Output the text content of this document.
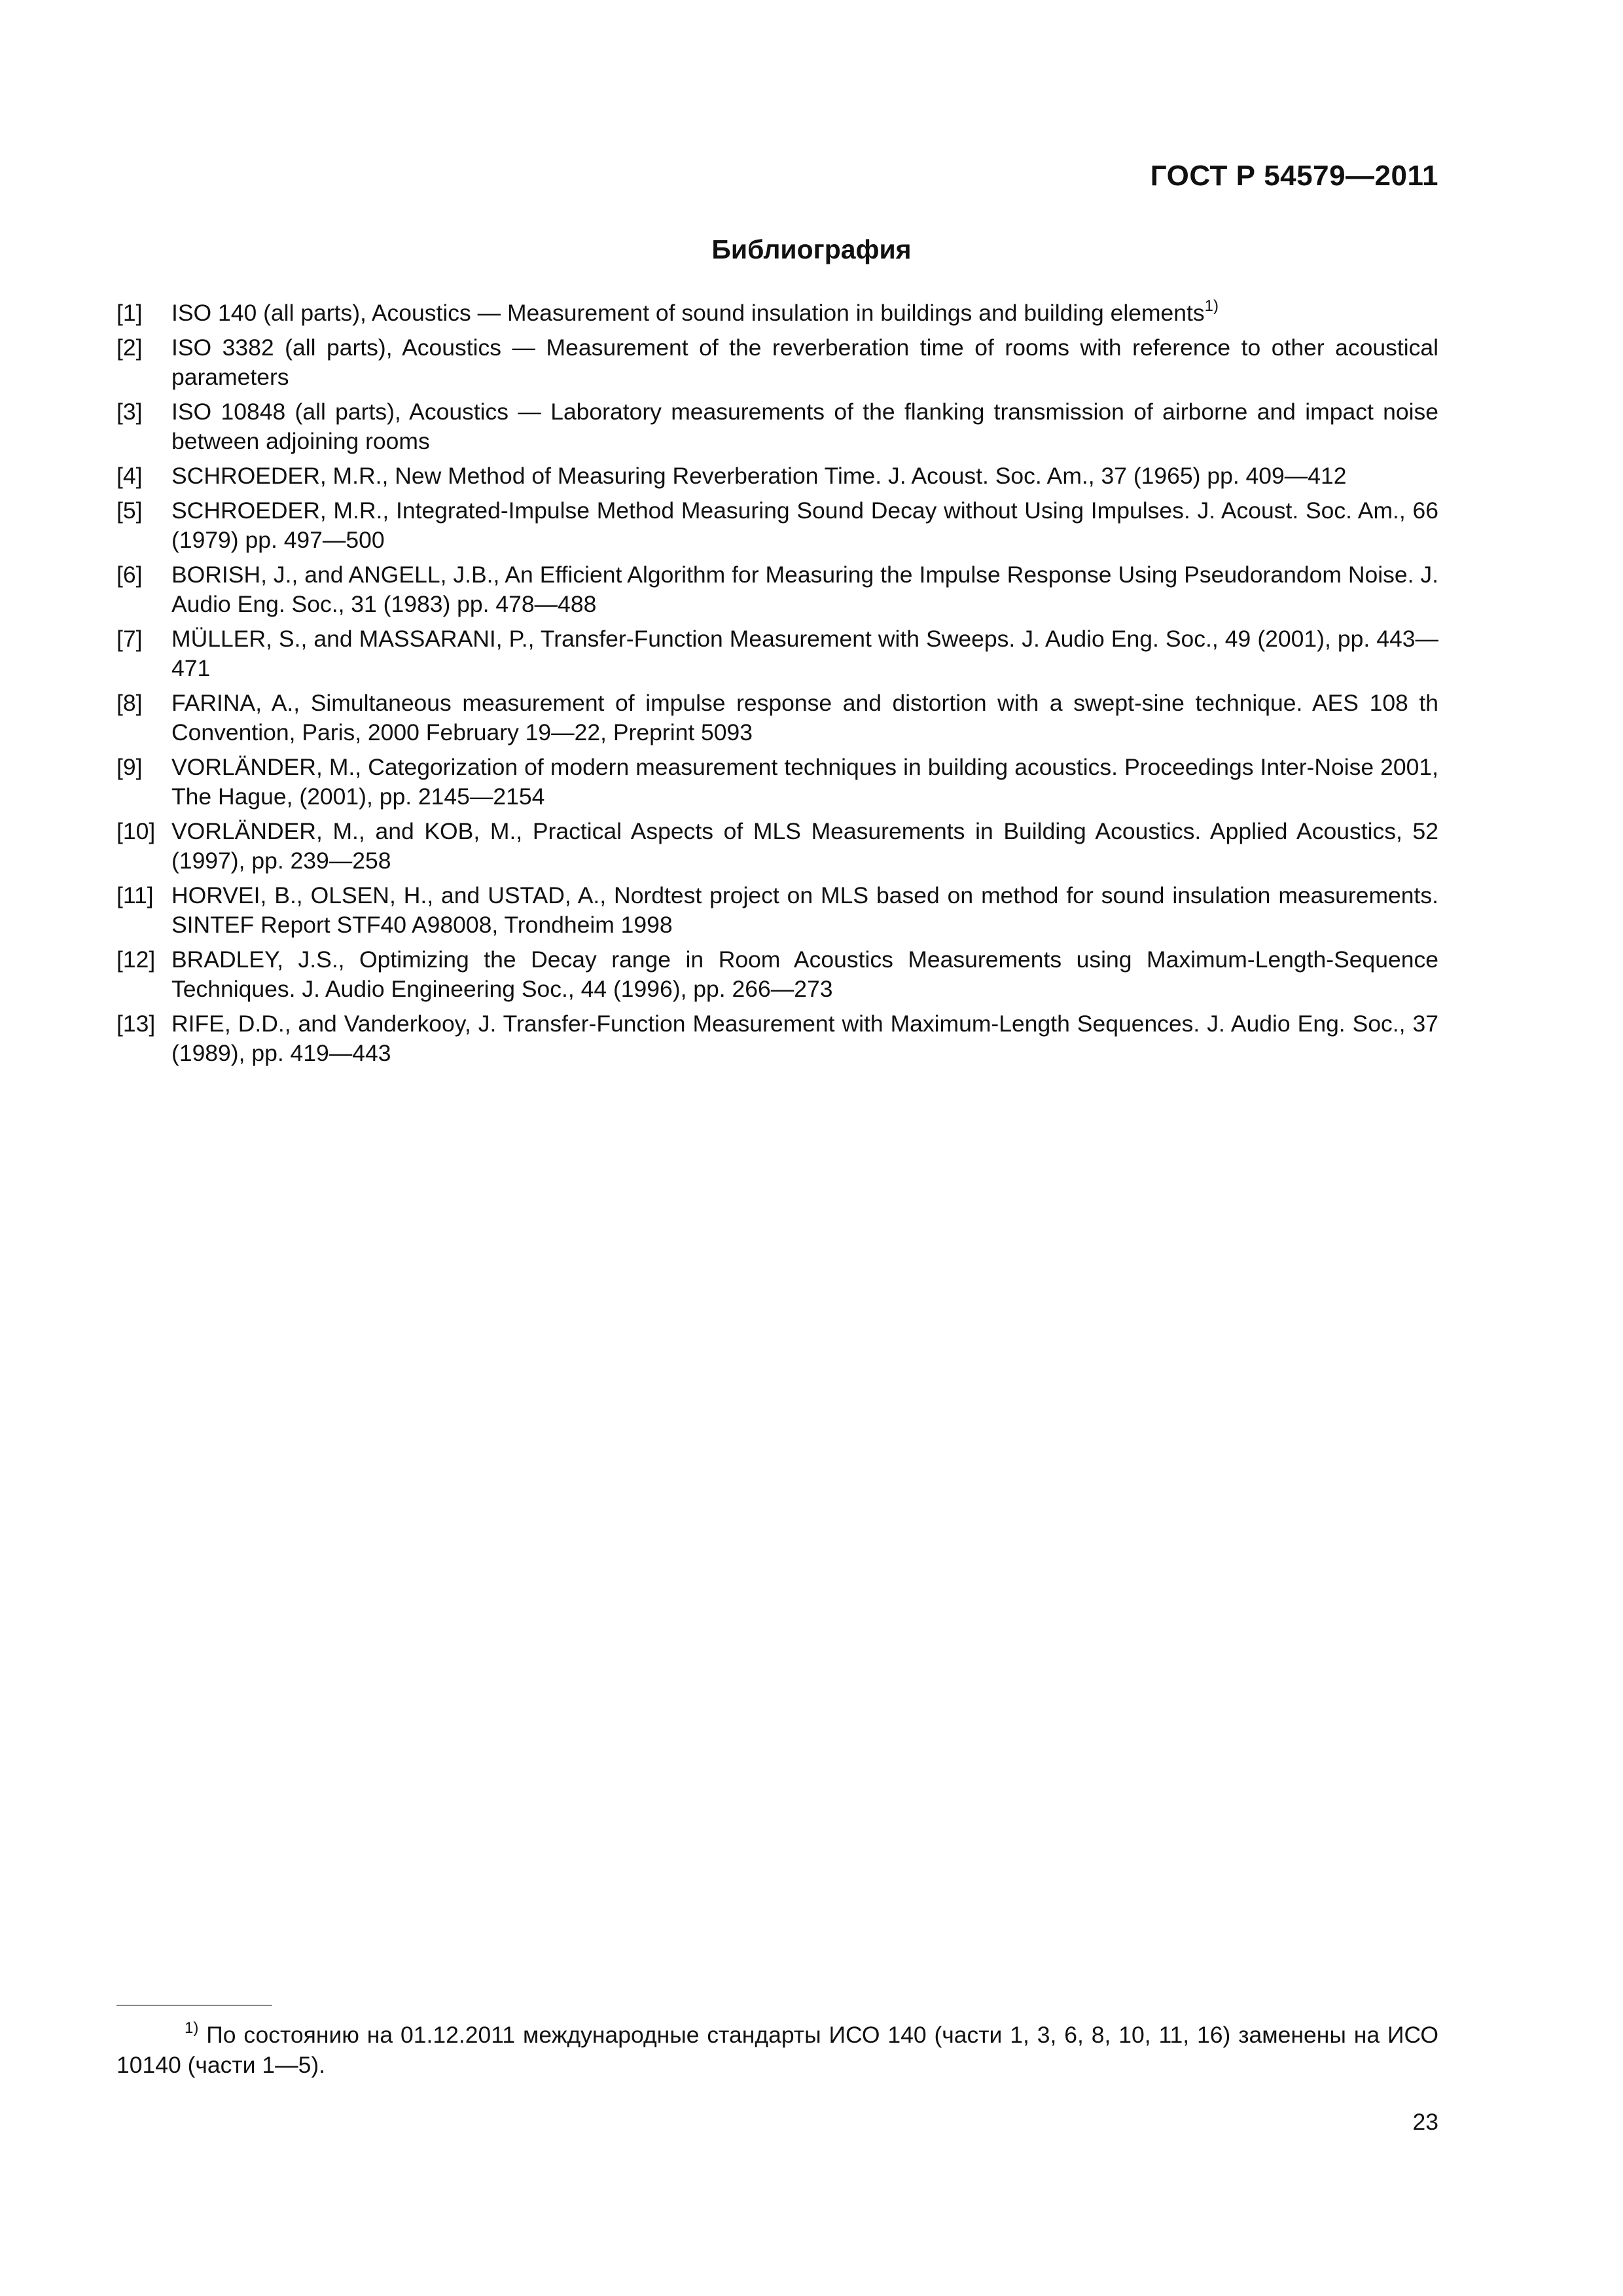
ГОСТ Р 54579—2011
Библиография
[1]	ISO 140 (all parts), Acoustics — Measurement of sound insulation in buildings and building elements$^{1)}$
[2]	ISO 3382 (all parts), Acoustics — Measurement of the reverberation time of rooms with reference to other acoustical parameters
[3]	ISO 10848 (all parts), Acoustics — Laboratory measurements of the flanking transmission of airborne and impact noise between adjoining rooms
[4]	SCHROEDER, M.R., New Method of Measuring Reverberation Time. J. Acoust. Soc. Am., 37 (1965) pp. 409—412
[5]	SCHROEDER, M.R., Integrated-Impulse Method Measuring Sound Decay without Using Impulses. J. Acoust. Soc. Am., 66 (1979) pp. 497—500
[6]	BORISH, J., and ANGELL, J.B., An Efficient Algorithm for Measuring the Impulse Response Using Pseudorandom Noise. J. Audio Eng. Soc., 31 (1983) pp. 478—488
[7]	MÜLLER, S., and MASSARANI, P., Transfer-Function Measurement with Sweeps. J. Audio Eng. Soc., 49 (2001), pp. 443—471
[8]	FARINA, A., Simultaneous measurement of impulse response and distortion with a swept-sine technique. AES 108 th Convention, Paris, 2000 February 19—22, Preprint 5093
[9]	VORLÄNDER, M., Categorization of modern measurement techniques in building acoustics. Proceedings Inter-Noise 2001, The Hague, (2001), pp. 2145—2154
[10] VORLÄNDER, M., and KOB, M., Practical Aspects of MLS Measurements in Building Acoustics. Applied Acoustics, 52 (1997), pp. 239—258
[11] HORVEI, B., OLSEN, H., and USTAD, A., Nordtest project on MLS based on method for sound insulation measurements. SINTEF Report STF40 A98008, Trondheim 1998
[12] BRADLEY, J.S., Optimizing the Decay range in Room Acoustics Measurements using Maximum-Length-Sequence Techniques. J. Audio Engineering Soc., 44 (1996), pp. 266—273
[13] RIFE, D.D., and Vanderkooy, J. Transfer-Function Measurement with Maximum-Length Sequences. J. Audio Eng. Soc., 37 (1989), pp. 419—443
$^{1)}$ По состоянию на 01.12.2011 международные стандарты ИСО 140 (части 1, 3, 6, 8, 10, 11, 16) заменены на ИСО 10140 (части 1—5).
23
